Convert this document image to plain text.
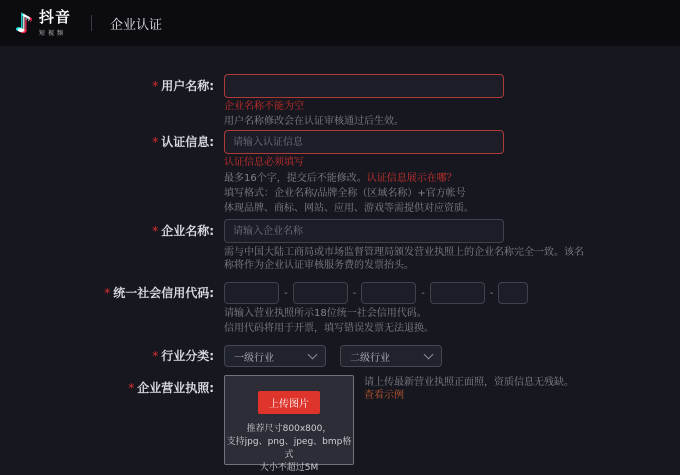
♪ 抖音
短视频
企业认证
* 用户名称:
企业名称不能为空
用户名称修改会在认证审核通过后生效。
* 认证信息:
请输入认证信息
认证信息必须填写
最多16个字，提交后不能修改。认证信息展示在哪？
填写格式：企业名称/品牌全称（区域名称）+官方帐号
体现品牌、商标、网站、应用、游戏等需提供对应资质。
* 企业名称:
请输入企业名称
需与中国大陆工商局或市场监督管理局颁发营业执照上的企业名称完全一致。该名称将作为企业认证审核服务费的发票抬头。
* 统一社会信用代码:	-	-	-	-
请输入营业执照所示18位统一社会信用代码。
信用代码将用于开票，填写错误发票无法退换。
* 行业分类:	一级行业	二级行业
* 企业营业执照:
上传图片
推荐尺寸800x800，
支持jpg、png、jpeg、bmp格式
大小不超过5M
请上传最新营业执照正面照，资质信息无残缺。查看示例
